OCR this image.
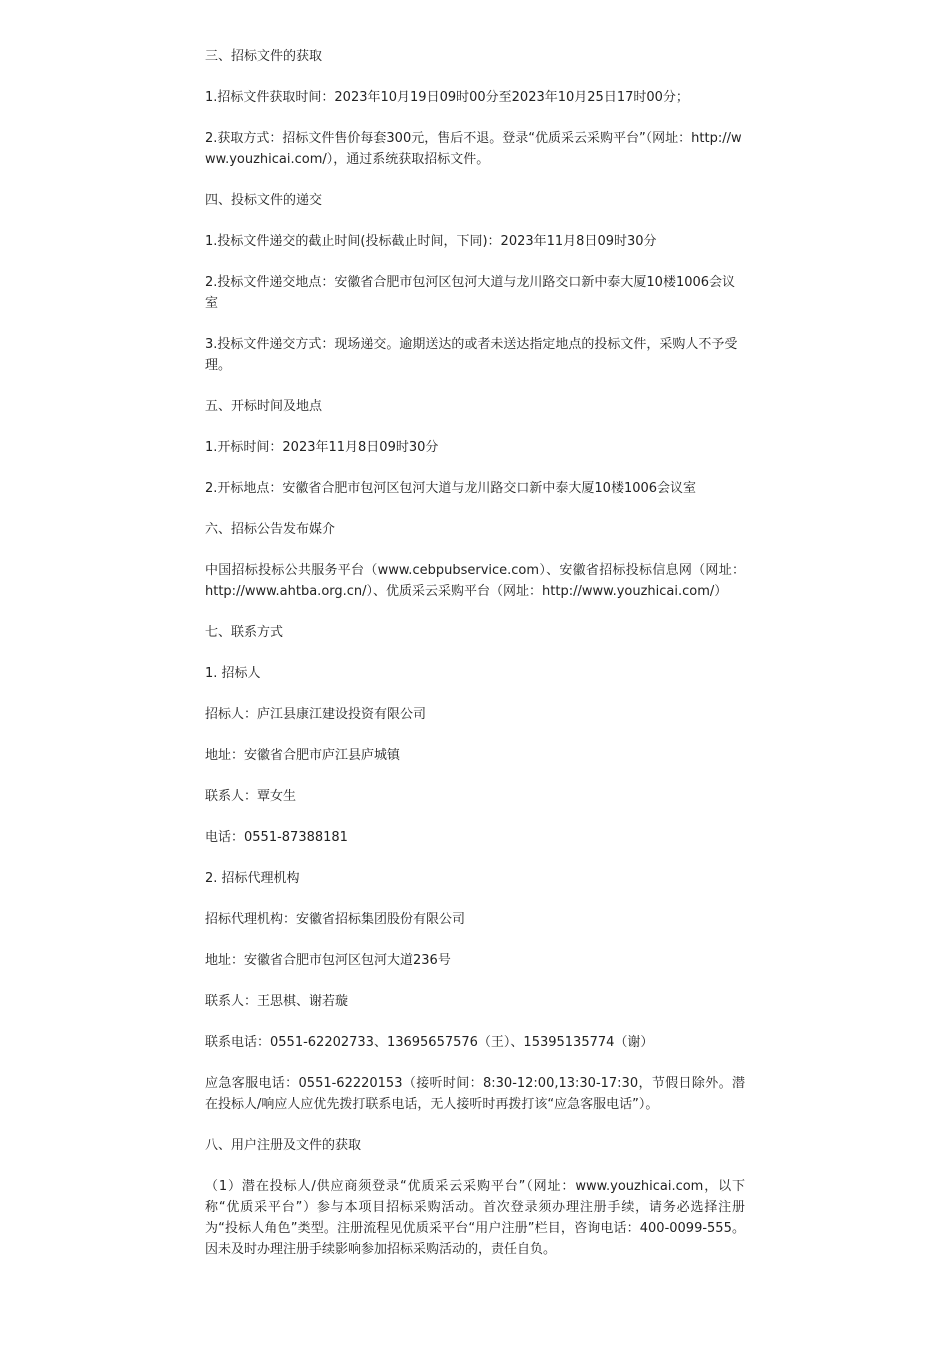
三、招标文件的获取

1.招标文件获取时间：2023年10月19日09时00分至2023年10月25日17时00分；

2.获取方式：招标文件售价每套300元，售后不退。登录“优质采云采购平台”（网址：http://www.youzhicai.com/），通过系统获取招标文件。

四、投标文件的递交

1.投标文件递交的截止时间(投标截止时间，下同)：2023年11月8日09时30分

2.投标文件递交地点：安徽省合肥市包河区包河大道与龙川路交口新中泰大厦10楼1006会议室

3.投标文件递交方式：现场递交。逾期送达的或者未送达指定地点的投标文件，采购人不予受理。

五、开标时间及地点

1.开标时间：2023年11月8日09时30分

2.开标地点：安徽省合肥市包河区包河大道与龙川路交口新中泰大厦10楼1006会议室

六、招标公告发布媒介

中国招标投标公共服务平台（www.cebpubservice.com）、安徽省招标投标信息网（网址：http://www.ahtba.org.cn/）、优质采云采购平台（网址：http://www.youzhicai.com/）

七、联系方式

1. 招标人

招标人：庐江县康江建设投资有限公司

地址：安徽省合肥市庐江县庐城镇

联系人：覃女生

电话：0551-87388181

2. 招标代理机构

招标代理机构：安徽省招标集团股份有限公司

地址：安徽省合肥市包河区包河大道236号

联系人：王思棋、谢若璇

联系电话：0551-62202733、13695657576（王）、15395135774（谢）

应急客服电话：0551-62220153（接听时间：8:30-12:00,13:30-17:30，节假日除外。潜在投标人/响应人应优先拨打联系电话，无人接听时再拨打该“应急客服电话”）。

八、用户注册及文件的获取

（1）潜在投标人/供应商须登录“优质采云采购平台”（网址：www.youzhicai.com，以下称“优质采平台”）参与本项目招标采购活动。首次登录须办理注册手续，请务必选择注册为“投标人角色”类型。注册流程见优质采平台“用户注册”栏目，咨询电话：400-0099-555。因未及时办理注册手续影响参加招标采购活动的，责任自负。
